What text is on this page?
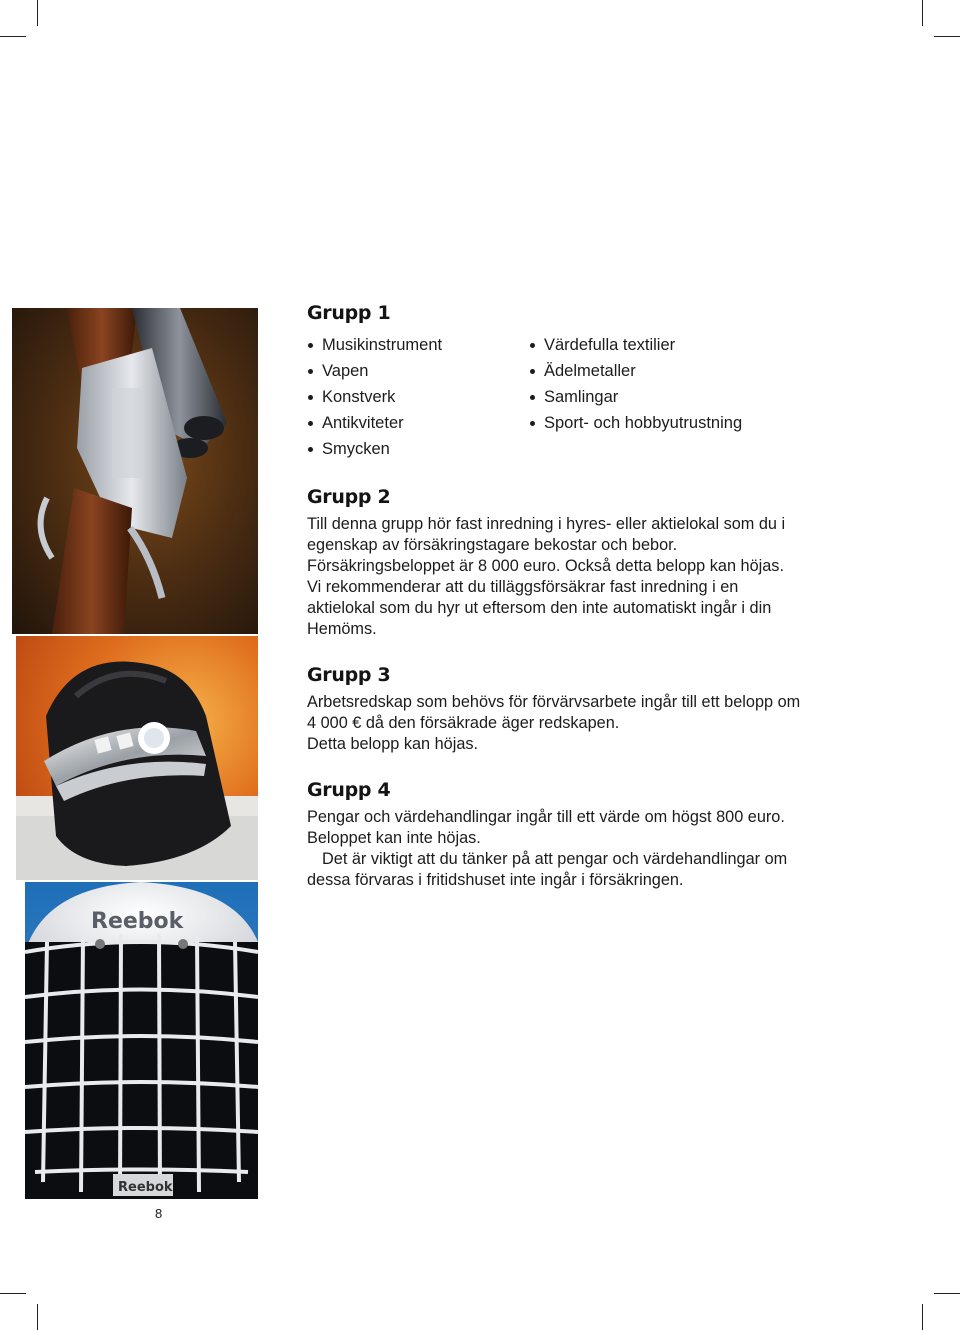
Reebok
Reebok
Grupp 1
Musikinstrument
Vapen
Konstverk
Antikviteter
Smycken
Värdefulla textilier
Ädelmetaller
Samlingar
Sport- och hobbyutrustning
Grupp 2

Till denna grupp hör fast inredning i hyres- eller aktielokal som du i egenskap av försäkringstagare bekostar och bebor. Försäkringsbeloppet är 8 000 euro. Också detta belopp kan höjas.

Vi rekommenderar att du tilläggsförsäkrar fast inredning i en aktielokal som du hyr ut eftersom den inte automatiskt ingår i din Hemöms.

Grupp 3

Arbetsredskap som behövs för förvärvsarbete ingår till ett belopp om 4 000 € då den försäkrade äger redskapen.

Detta belopp kan höjas.

Grupp 4

Pengar och värdehandlingar ingår till ett värde om högst 800 euro. Beloppet kan inte höjas.

Det är viktigt att du tänker på att pengar och värdehandlingar om dessa förvaras i fritidshuset inte ingår i försäkringen.

8
